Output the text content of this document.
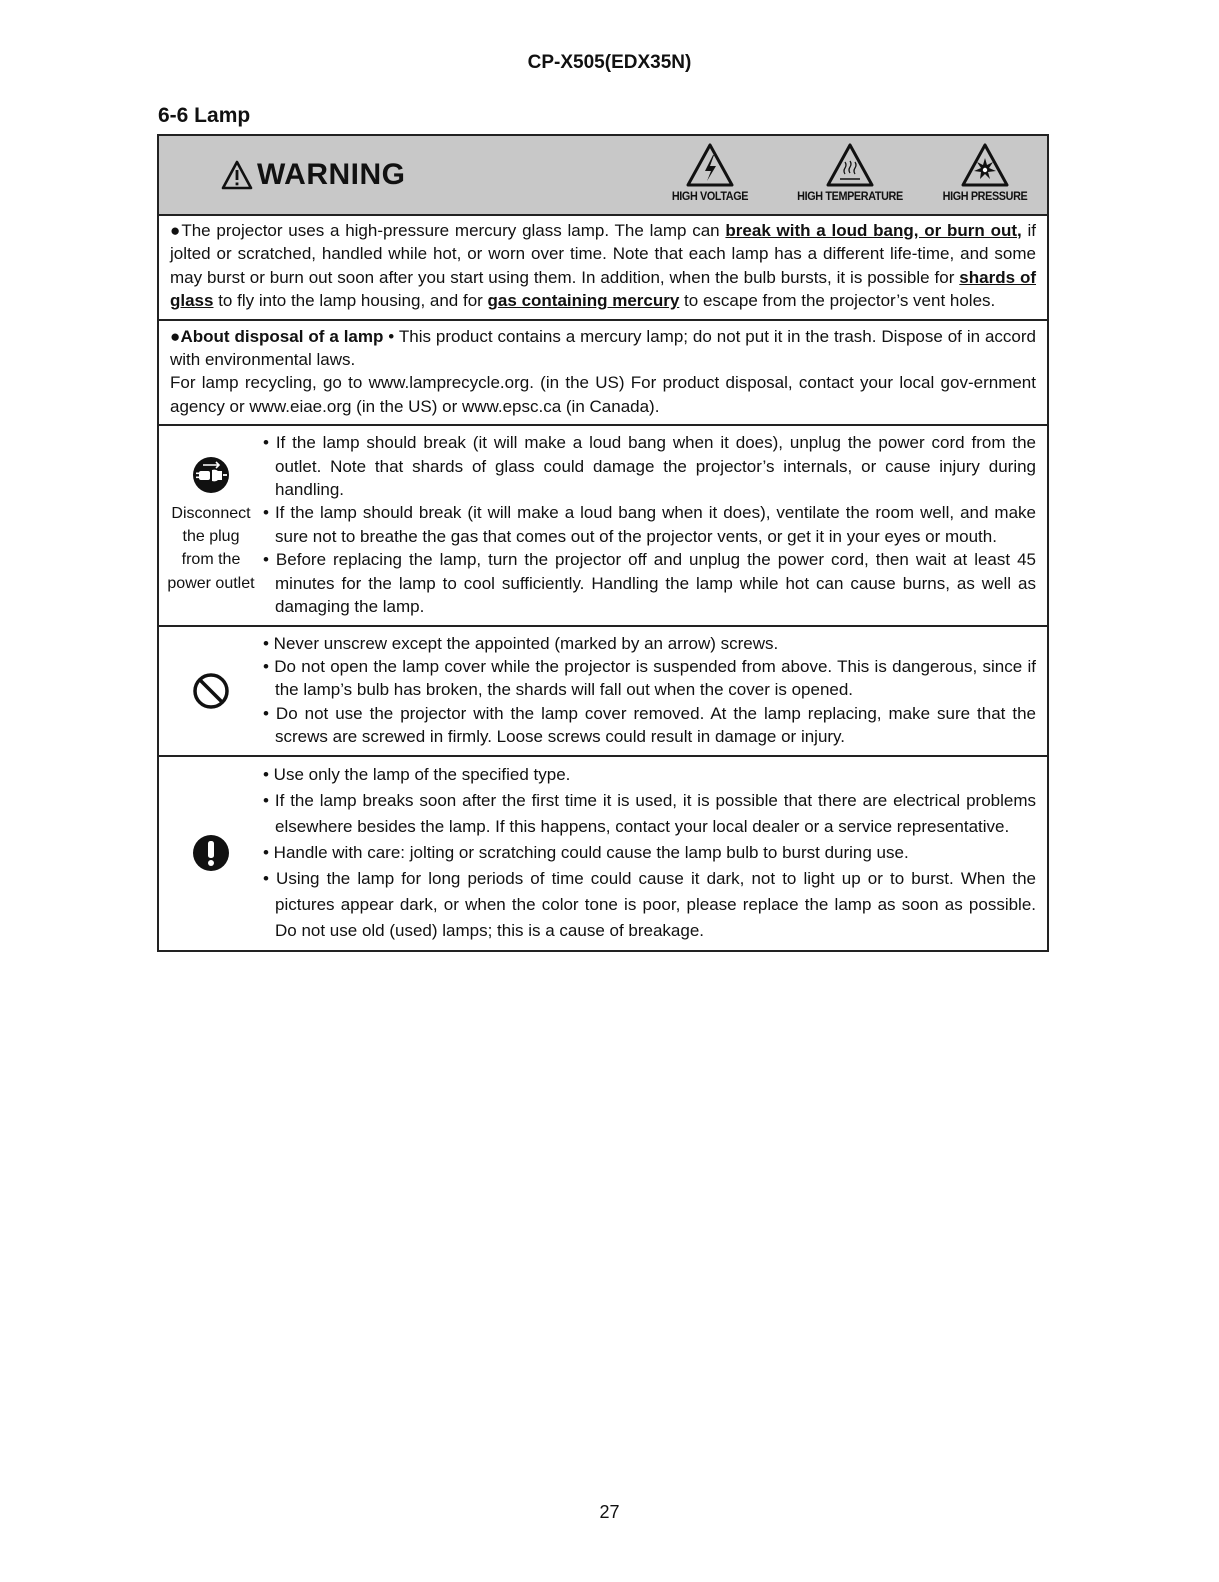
CP-X505(EDX35N)
6-6 Lamp
WARNING
HIGH VOLTAGE	HIGH TEMPERATURE	HIGH PRESSURE

●The projector uses a high-pressure mercury glass lamp. The lamp can break with a loud bang, or burn out, if jolted or scratched, handled while hot, or worn over time. Note that each lamp has a different life-time, and some may burst or burn out soon after you start using them. In addition, when the bulb bursts, it is possible for shards of glass to fly into the lamp housing, and for gas containing mercury to escape from the projector’s vent holes.

●About disposal of a lamp • This product contains a mercury lamp; do not put it in the trash. Dispose of in accord with environmental laws.

For lamp recycling, go to www.lamprecycle.org. (in the US) For product disposal, contact your local gov-ernment agency or www.eiae.org (in the US) or www.epsc.ca (in Canada).

Disconnect the plug from the power outlet

• If the lamp should break (it will make a loud bang when it does), unplug the power cord from the outlet. Note that shards of glass could damage the projector’s internals, or cause injury during handling.

• If the lamp should break (it will make a loud bang when it does), ventilate the room well, and make sure not to breathe the gas that comes out of the projector vents, or get it in your eyes or mouth.

• Before replacing the lamp, turn the projector off and unplug the power cord, then wait at least 45 minutes for the lamp to cool sufficiently. Handling the lamp while hot can cause burns, as well as damaging the lamp.

• Never unscrew except the appointed (marked by an arrow) screws.

• Do not open the lamp cover while the projector is suspended from above. This is dangerous, since if the lamp’s bulb has broken, the shards will fall out when the cover is opened.

• Do not use the projector with the lamp cover removed. At the lamp replacing, make sure that the screws are screwed in firmly. Loose screws could result in damage or injury.

• Use only the lamp of the specified type.

• If the lamp breaks soon after the first time it is used, it is possible that there are electrical problems elsewhere besides the lamp. If this happens, contact your local dealer or a service representative.

• Handle with care: jolting or scratching could cause the lamp bulb to burst during use.

• Using the lamp for long periods of time could cause it dark, not to light up or to burst. When the pictures appear dark, or when the color tone is poor, please replace the lamp as soon as possible. Do not use old (used) lamps; this is a cause of breakage.

27
